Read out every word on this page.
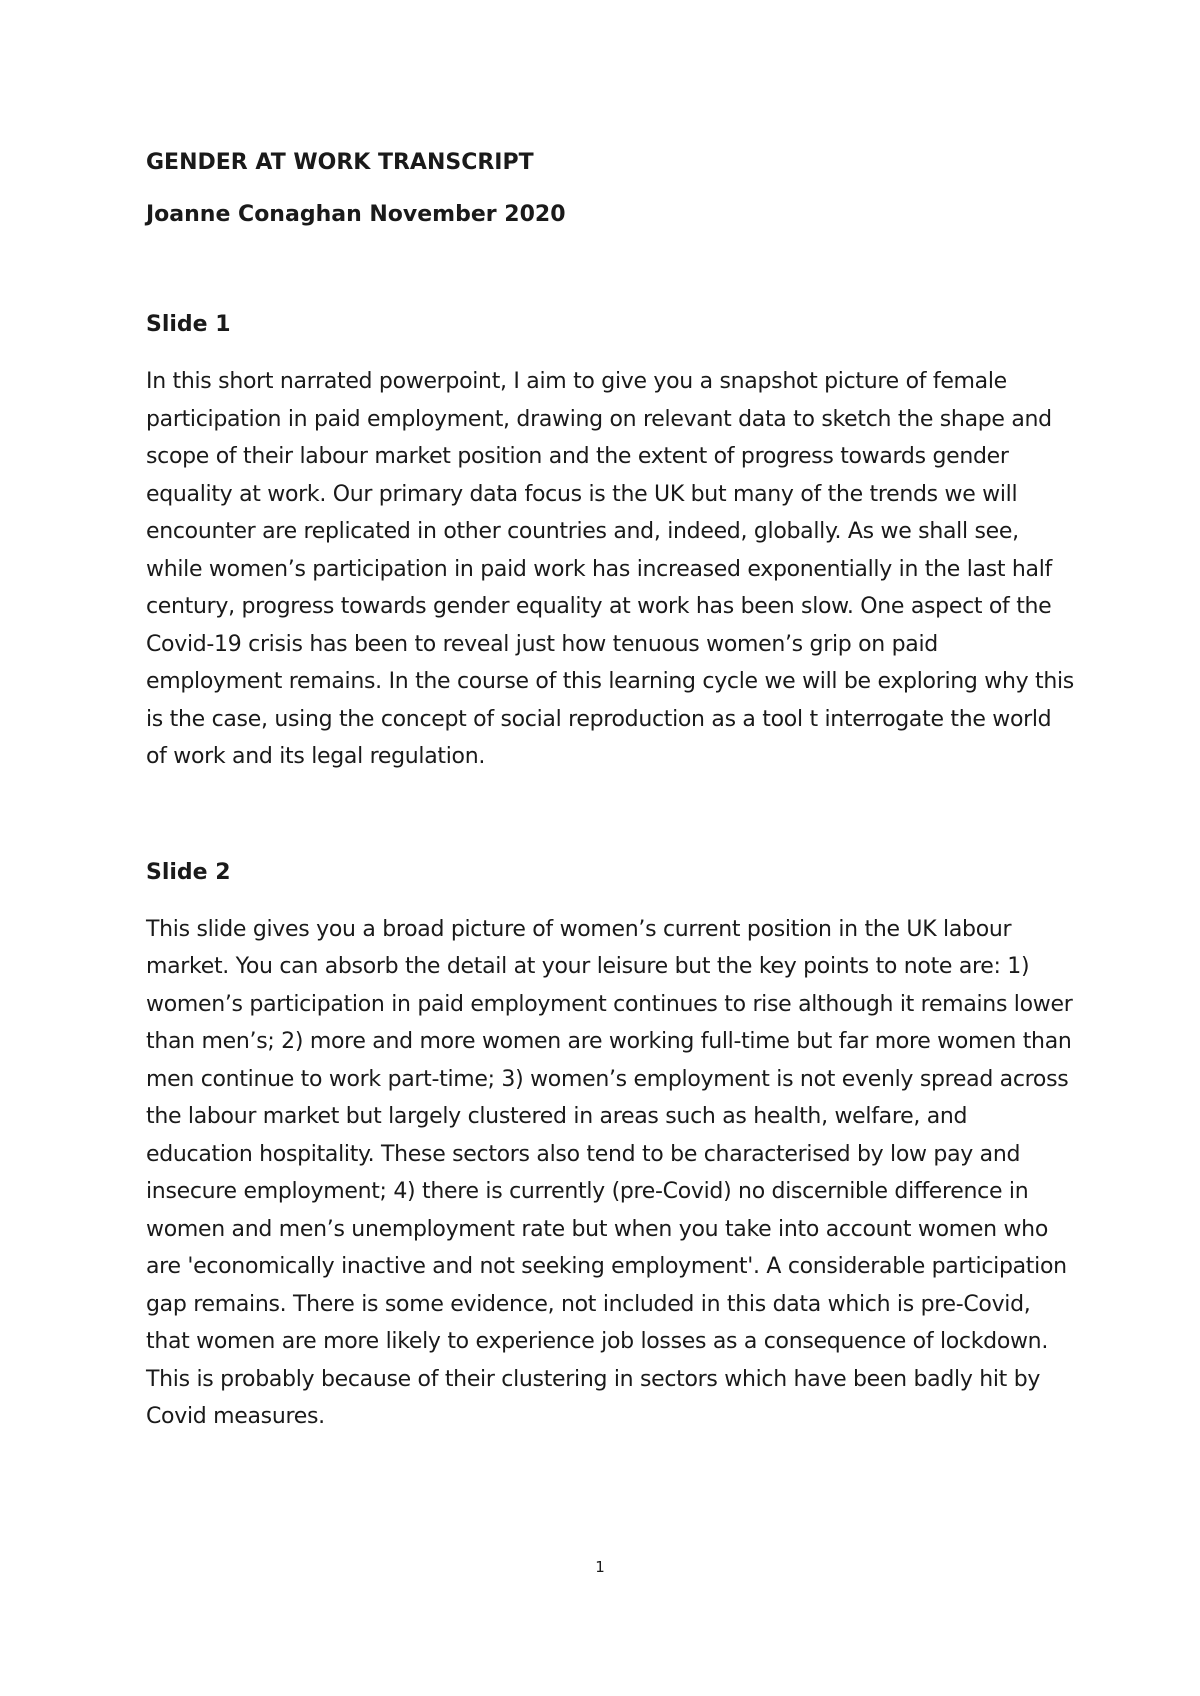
GENDER AT WORK TRANSCRIPT

Joanne Conaghan November 2020

Slide 1

In this short narrated powerpoint, I aim to give you a snapshot picture of female participation in paid employment, drawing on relevant data to sketch the shape and scope of their labour market position and the extent of progress towards gender equality at work. Our primary data focus is the UK but many of the trends we will encounter are replicated in other countries and, indeed, globally. As we shall see, while women’s participation in paid work has increased exponentially in the last half century, progress towards gender equality at work has been slow. One aspect of the Covid-19 crisis has been to reveal just how tenuous women’s grip on paid employment remains. In the course of this learning cycle we will be exploring why this is the case, using the concept of social reproduction as a tool t interrogate the world of work and its legal regulation.

Slide 2

This slide gives you a broad picture of women’s current position in the UK labour market. You can absorb the detail at your leisure but the key points to note are: 1) women’s participation in paid employment continues to rise although it remains lower than men’s; 2) more and more women are working full-time but far more women than men continue to work part-time; 3) women’s employment is not evenly spread across the labour market but largely clustered in areas such as health, welfare, and education hospitality. These sectors also tend to be characterised by low pay and insecure employment; 4) there is currently (pre-Covid) no discernible difference in women and men’s unemployment rate but when you take into account women who are 'economically inactive and not seeking employment'. A considerable participation gap remains. There is some evidence, not included in this data which is pre-Covid, that women are more likely to experience job losses as a consequence of lockdown. This is probably because of their clustering in sectors which have been badly hit by Covid measures.

1
